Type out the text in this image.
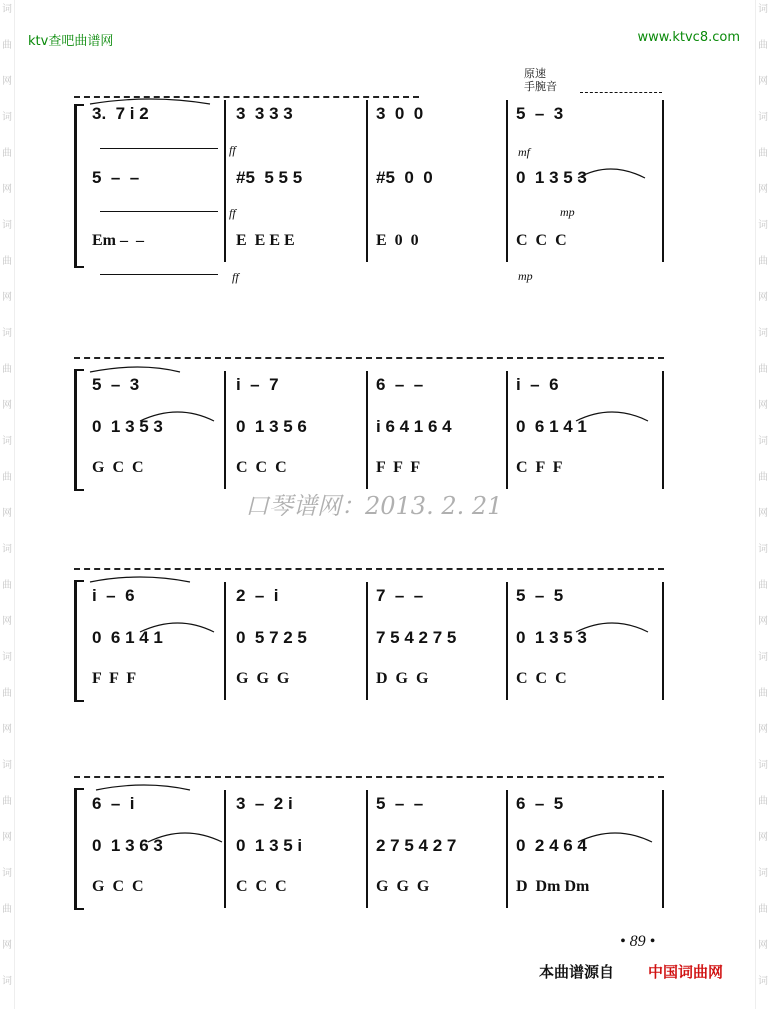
词
曲
网
词
曲
网
词
曲
网
词
曲
网
词
曲
网
词
曲
网
词
曲
网
词
曲
网
词
曲
网
词
词
曲
网
词
曲
网
词
曲
网
词
曲
网
词
曲
网
词
曲
网
词
曲
网
词
曲
网
词
曲
网
词
ktv查吧曲谱网	www.ktvc8.com
原速
手腕音
3.  7 i 2	3  3 3 3	3  0  0	5  –  3
5  –  –	#5  5 5 5	#5  0  0	0  1 3 5 3
Em –  –	E  E E E	E  0  0	C  C  C
5  –  3	i  –  7	6  –  –	i  –  6
0  1 3 5 3	0  1 3 5 6	i 6 4 1 6 4	0  6 1 4 1
G  C  C	C  C  C	F  F  F	C  F  F
i  –  6	2  –  i	7  –  –	5  –  5
0  6 1 4 1	0  5 7 2 5	7 5 4 2 7 5	0  1 3 5 3
F  F  F	G  G  G	D  G  G	C  C  C
6  –  i	3  –  2 i	5  –  –	6  –  5
0  1 3 6 3	0  1 3 5 i	2 7 5 4 2 7	0  2 4 6 4
G  C  C	C  C  C	G  G  G	D  Dm Dm
ff	mf
ff	mp
ff	mp
口琴谱网：2013. 2. 21
• 89 •
本曲谱源自 中国词曲网
